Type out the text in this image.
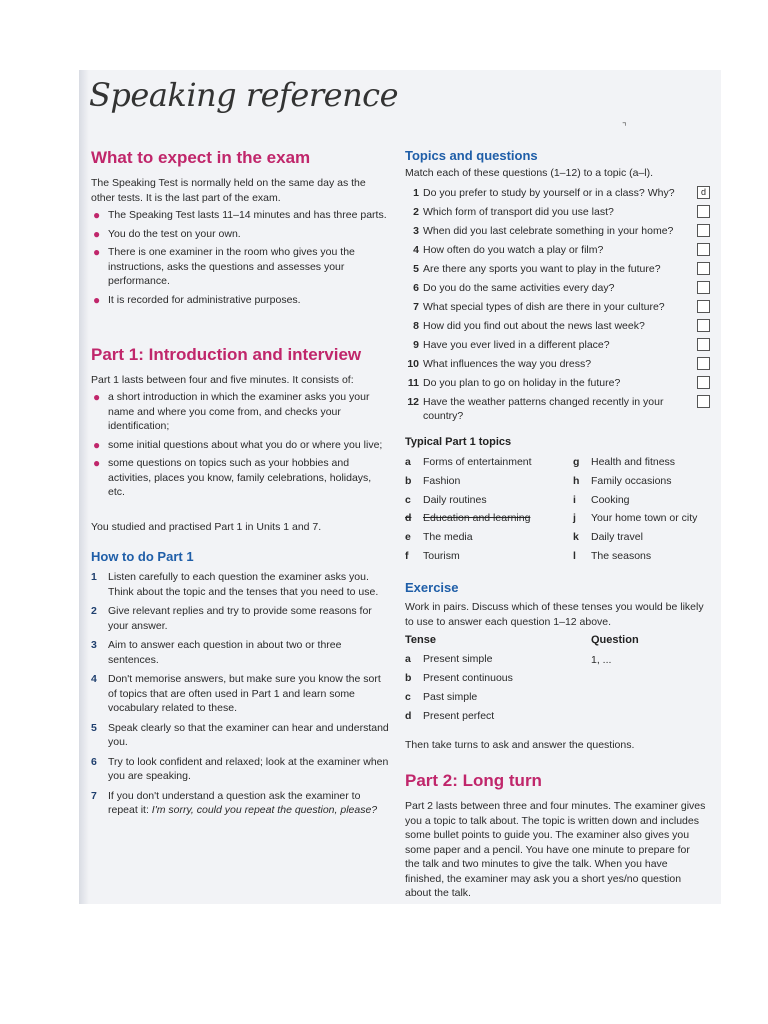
Speaking reference
What to expect in the exam
The Speaking Test is normally held on the same day as the other tests. It is the last part of the exam.
● The Speaking Test lasts 11–14 minutes and has three parts.
● You do the test on your own.
● There is one examiner in the room who gives you the instructions, asks the questions and assesses your performance.
● It is recorded for administrative purposes.
Part 1: Introduction and interview
Part 1 lasts between four and five minutes. It consists of:
● a short introduction in which the examiner asks you your name and where you come from, and checks your identification;
● some initial questions about what you do or where you live;
● some questions on topics such as your hobbies and activities, places you know, family celebrations, holidays, etc.
You studied and practised Part 1 in Units 1 and 7.
How to do Part 1
1 Listen carefully to each question the examiner asks you. Think about the topic and the tenses that you need to use.
2 Give relevant replies and try to provide some reasons for your answer.
3 Aim to answer each question in about two or three sentences.
4 Don't memorise answers, but make sure you know the sort of topics that are often used in Part 1 and learn some vocabulary related to these.
5 Speak clearly so that the examiner can hear and understand you.
6 Try to look confident and relaxed; look at the examiner when you are speaking.
7 If you don't understand a question ask the examiner to repeat it: I'm sorry, could you repeat the question, please?
⌝
Topics and questions
Match each of these questions (1–12) to a topic (a–l).
1 Do you prefer to study by yourself or in a class? Why?	d
2 Which form of transport did you use last?
3 When did you last celebrate something in your home?
4 How often do you watch a play or film?
5 Are there any sports you want to play in the future?
6 Do you do the same activities every day?
7 What special types of dish are there in your culture?
8 How did you find out about the news last week?
9 Have you ever lived in a different place?
10 What influences the way you dress?
11 Do you plan to go on holiday in the future?
12 Have the weather patterns changed recently in your country?
Typical Part 1 topics
a Forms of entertainment
b Fashion
c Daily routines
d Education and learning
e The media
f Tourism
g Health and fitness
h Family occasions
i Cooking
j Your home town or city
k Daily travel
l The seasons
Exercise
Work in pairs. Discuss which of these tenses you would be likely to use to answer each question 1–12 above.
Tense	Question
a Present simple
b Present continuous
c Past simple
d Present perfect
1, ...
Then take turns to ask and answer the questions.
Part 2: Long turn
Part 2 lasts between three and four minutes. The examiner gives you a topic to talk about. The topic is written down and includes some bullet points to guide you. The examiner also gives you some paper and a pencil. You have one minute to prepare for the talk and two minutes to give the talk. When you have finished, the examiner may ask you a short yes/no question about the talk.
